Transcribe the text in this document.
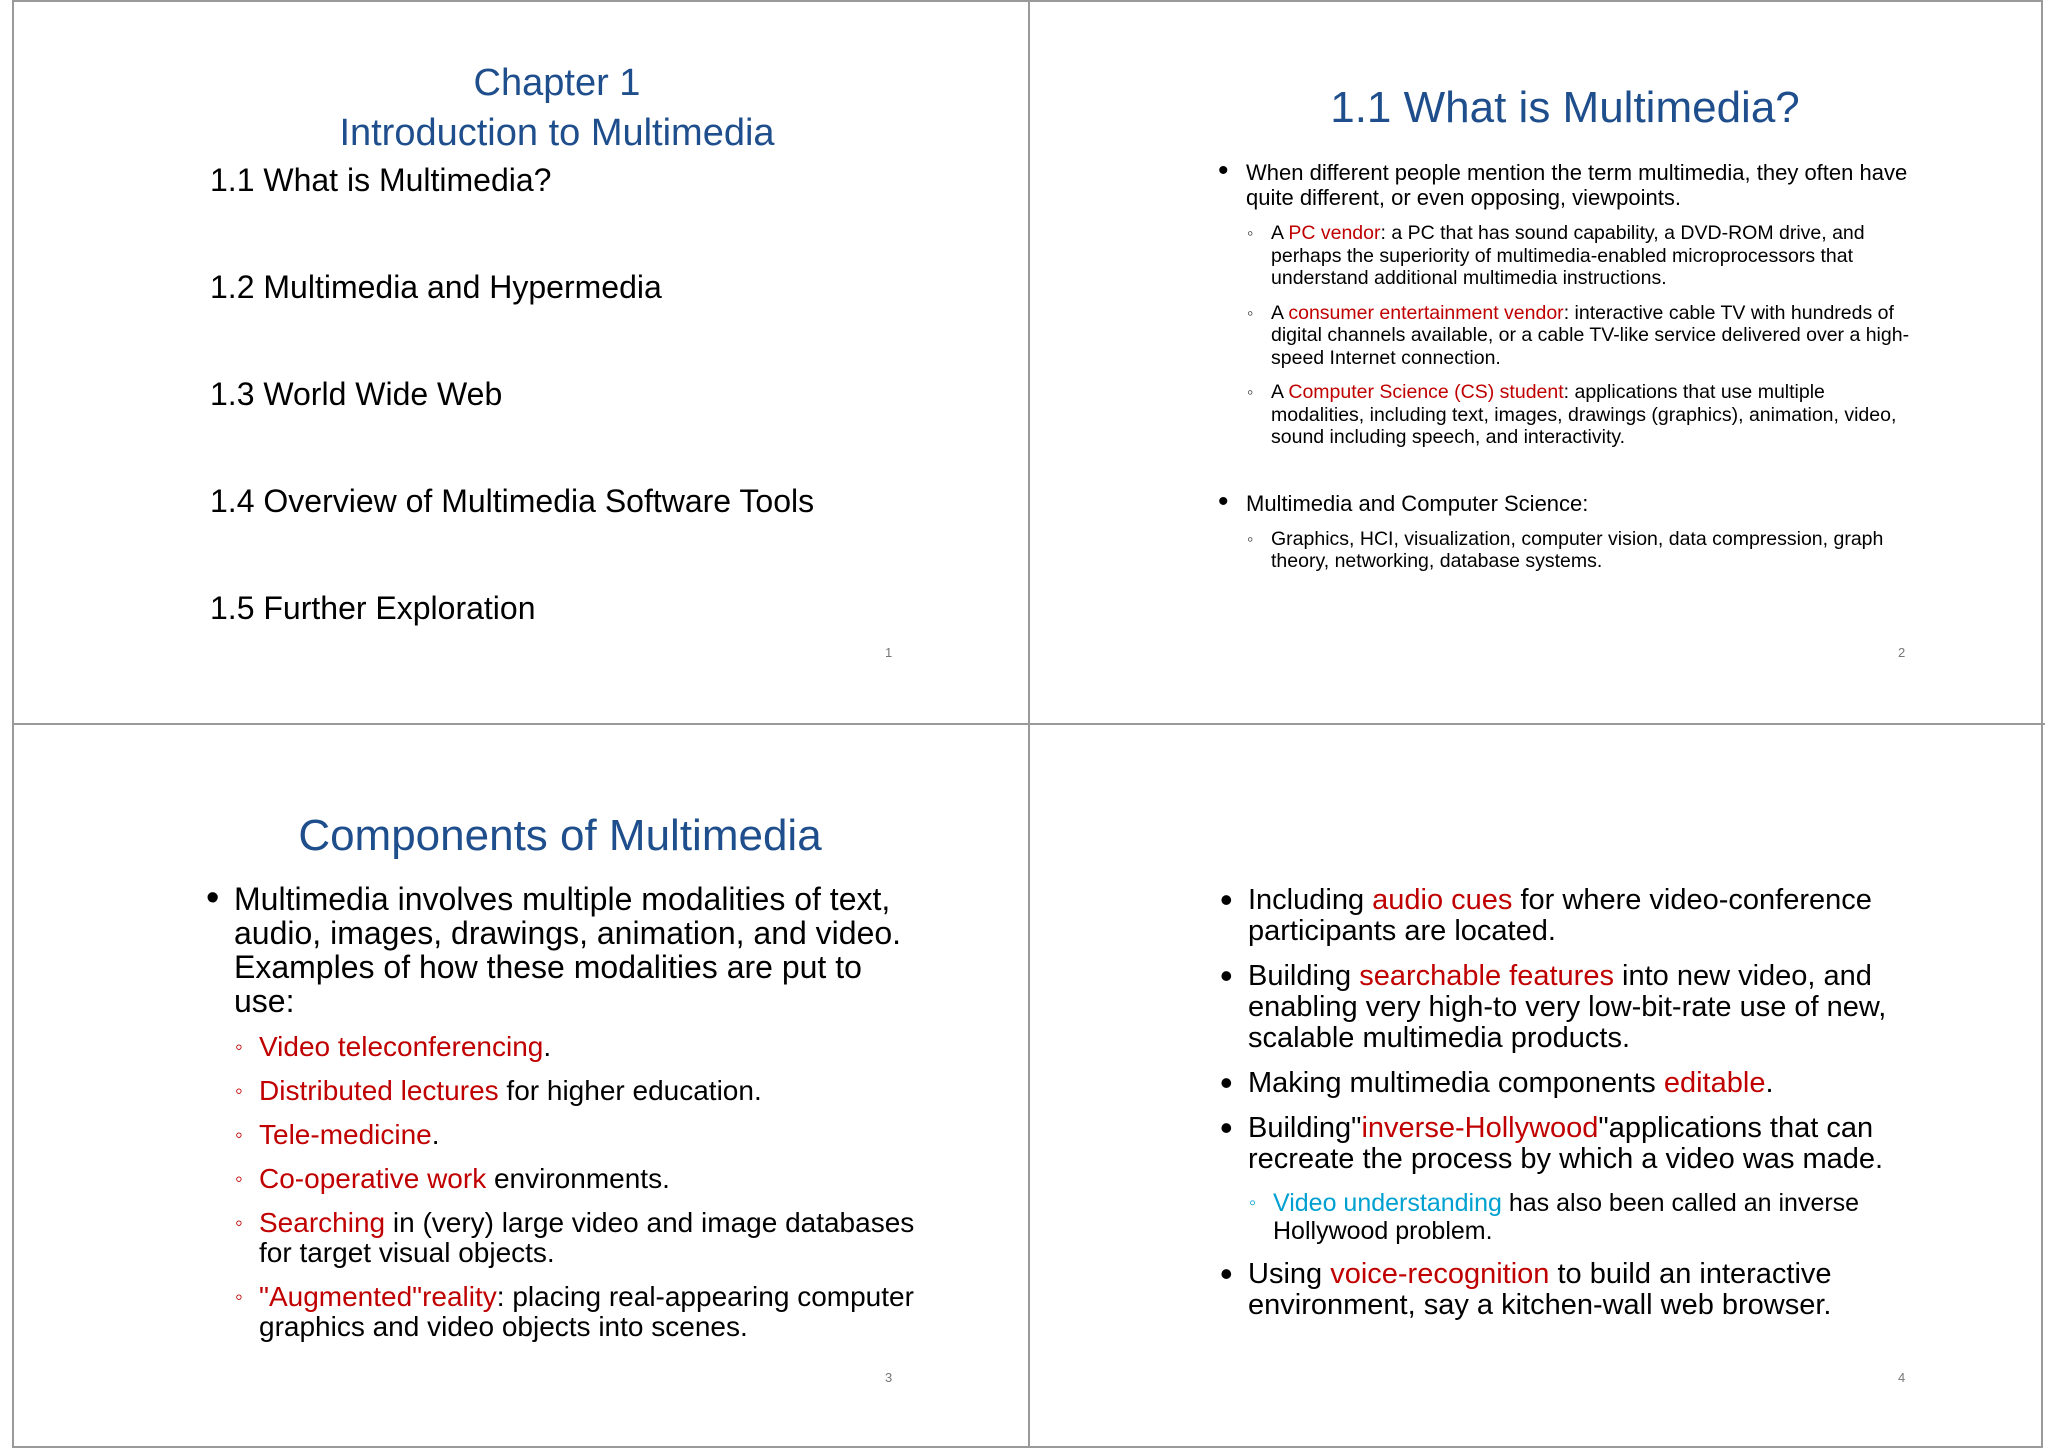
Chapter 1
Introduction to Multimedia
1.1 What is Multimedia?
1.2 Multimedia and Hypermedia
1.3 World Wide Web
1.4 Overview of Multimedia Software Tools
1.5 Further Exploration
1
1.1 What is Multimedia?
• When different people mention the term multimedia, they often have quite different, or even opposing, viewpoints.
◦ A PC vendor: a PC that has sound capability, a DVD-ROM drive, and perhaps the superiority of multimedia-enabled microprocessors that understand additional multimedia instructions.
◦ A consumer entertainment vendor: interactive cable TV with hundreds of digital channels available, or a cable TV-like service delivered over a high-speed Internet connection.
◦ A Computer Science (CS) student: applications that use multiple modalities, including text, images, drawings (graphics), animation, video, sound including speech, and interactivity.
• Multimedia and Computer Science:
◦ Graphics, HCI, visualization, computer vision, data compression, graph theory, networking, database systems.
2
Components of Multimedia
• Multimedia involves multiple modalities of text, audio, images, drawings, animation, and video. Examples of how these modalities are put to use:
◦ Video teleconferencing.
◦ Distributed lectures for higher education.
◦ Tele-medicine.
◦ Co-operative work environments.
◦ Searching in (very) large video and image databases for target visual objects.
◦ "Augmented"reality: placing real-appearing computer graphics and video objects into scenes.
3
• Including audio cues for where video-conference participants are located.
• Building searchable features into new video, and enabling very high-to very low-bit-rate use of new, scalable multimedia products.
• Making multimedia components editable.
• Building"inverse-Hollywood"applications that can recreate the process by which a video was made.
◦ Video understanding has also been called an inverse Hollywood problem.
• Using voice-recognition to build an interactive environment, say a kitchen-wall web browser.
4
